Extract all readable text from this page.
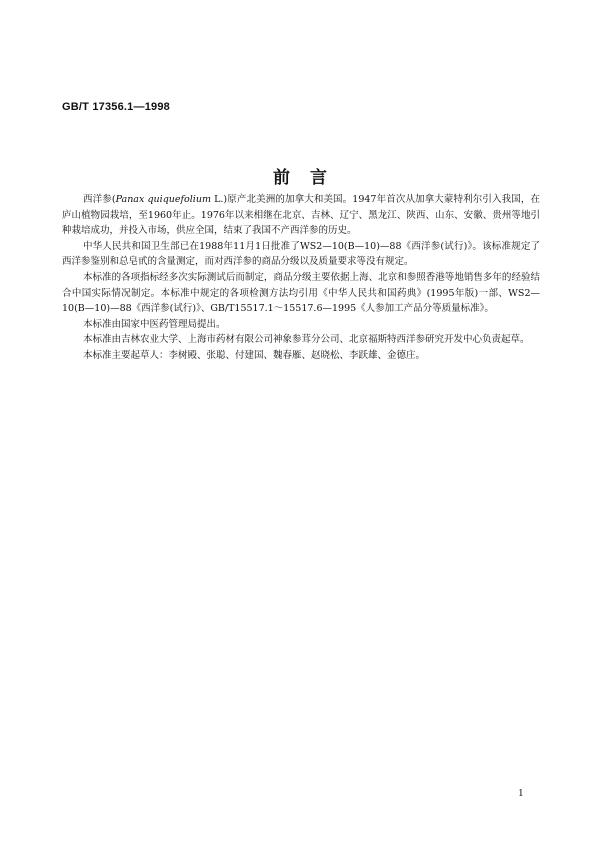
GB/T 17356.1—1998
前言

西洋参(Panax quiquefolium L.)原产北美洲的加拿大和美国。1947年首次从加拿大蒙特利尔引入我国，在庐山植物园栽培，至1960年止。1976年以来相继在北京、吉林、辽宁、黑龙江、陕西、山东、安徽、贵州等地引种栽培成功，并投入市场，供应全国，结束了我国不产西洋参的历史。

中华人民共和国卫生部已在1988年11月1日批准了WS2—10(B—10)—88《西洋参(试行)》。该标准规定了西洋参鉴别和总皂甙的含量测定，而对西洋参的商品分级以及质量要求等没有规定。

本标准的各项指标经多次实际测试后而制定，商品分级主要依据上海、北京和参照香港等地销售多年的经验结合中国实际情况制定。本标准中规定的各项检测方法均引用《中华人民共和国药典》(1995年版)一部、WS2—10(B—10)—88《西洋参(试行)》、GB/T15517.1～15517.6—1995《人参加工产品分等质量标准》。

本标准由国家中医药管理局提出。

本标准由吉林农业大学、上海市药材有限公司神象参茸分公司、北京福斯特西洋参研究开发中心负责起草。

本标准主要起草人：李树殿、张聪、付建国、魏春雁、赵晓松、李跃雄、金德庄。

1
